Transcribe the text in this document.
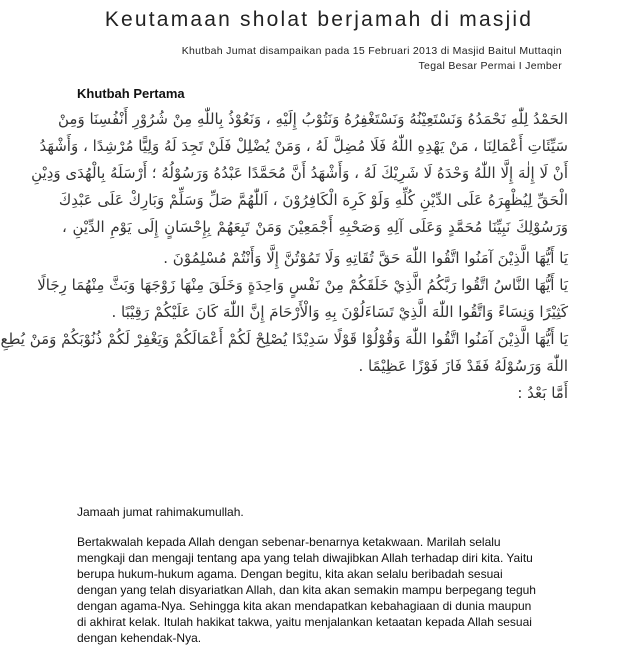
Keutamaan sholat berjamah di masjid
Khutbah Jumat disampaikan pada 15 Februari 2013 di Masjid Baitul Muttaqin
Tegal Besar Permai I Jember
Khutbah Pertama
الحَمْدُ لِلّٰهِ نَحْمَدُهُ وَنَسْتَعِيْنُهُ وَنَسْتَغْفِرُهُ وَنَتُوْبُ إِلَيْهِ ، وَنَعُوْذُ بِاللّٰهِ مِنْ شُرُوْرِ أَنْفُسِنَا وَمِنْ
سَيِّئَاتِ أَعْمَالِنَا ، مَنْ يَهْدِهِ اللّٰهُ فَلَا مُضِلَّ لَهُ ، وَمَنْ يُضْلِلْ فَلَنْ تَجِدَ لَهُ وَلِيًّا مُرْشِدًا ، وَأَشْهَدُ
أَنْ لَا إِلٰهَ إِلَّا اللّٰهُ وَحْدَهُ لَا شَرِيْكَ لَهُ ، وَأَشْهَدُ أَنَّ مُحَمَّدًا عَبْدُهُ وَرَسُوْلُهُ ؛ أَرْسَلَهُ بِالْهُدَى وَدِيْنِ
الْحَقِّ لِيُظْهِرَهُ عَلَى الدِّيْنِ كُلِّهِ وَلَوْ كَرِهَ الْكَافِرُوْنَ ، اَللّٰهُمَّ صَلِّ وَسَلِّمْ وَبَارِكْ عَلَى عَبْدِكَ
وَرَسُوْلِكَ نَبِيِّنَا مُحَمَّدٍ وَعَلَى آلِهِ وَصَحْبِهِ أَجْمَعِيْنَ وَمَنْ تَبِعَهُمْ بِإِحْسَانٍ إِلَى يَوْمِ الدِّيْنِ ،
يَا أَيُّهَا الَّذِيْنَ آمَنُوا اتَّقُوا اللّٰهَ حَقَّ تُقَاتِهِ وَلَا تَمُوْتُنَّ إِلَّا وَأَنْتُمْ مُسْلِمُوْنَ .
يَا أَيُّهَا النَّاسُ اتَّقُوا رَبَّكُمُ الَّذِيْ خَلَقَكُمْ مِنْ نَفْسٍ وَاحِدَةٍ وَخَلَقَ مِنْهَا زَوْجَهَا وَبَثَّ مِنْهُمَا رِجَالًا
كَثِيْرًا وَنِسَاءً وَاتَّقُوا اللّٰهَ الَّذِيْ تَسَاءَلُوْنَ بِهِ وَالْأَرْحَامَ إِنَّ اللّٰهَ كَانَ عَلَيْكُمْ رَقِيْبًا .
يَا أَيُّهَا الَّذِيْنَ آمَنُوا اتَّقُوا اللّٰهَ وَقُوْلُوْا قَوْلًا سَدِيْدًا يُصْلِحْ لَكُمْ أَعْمَالَكُمْ وَيَغْفِرْ لَكُمْ ذُنُوْبَكُمْ وَمَنْ يُطِعِ
اللّٰهَ وَرَسُوْلَهُ فَقَدْ فَازَ فَوْزًا عَظِيْمًا .
أَمَّا بَعْدُ :

Jamaah jumat rahimakumullah.

Bertakwalah kepada Allah dengan sebenar-benarnya ketakwaan. Marilah selalu
mengkaji dan mengaji tentang apa yang telah diwajibkan Allah terhadap diri kita. Yaitu
berupa hukum-hukum agama. Dengan begitu, kita akan selalu beribadah sesuai
dengan yang telah disyariatkan Allah, dan kita akan semakin mampu berpegang teguh
dengan agama-Nya. Sehingga kita akan mendapatkan kebahagiaan di dunia maupun
di akhirat kelak. Itulah hakikat takwa, yaitu menjalankan ketaatan kepada Allah sesuai
dengan kehendak-Nya.
